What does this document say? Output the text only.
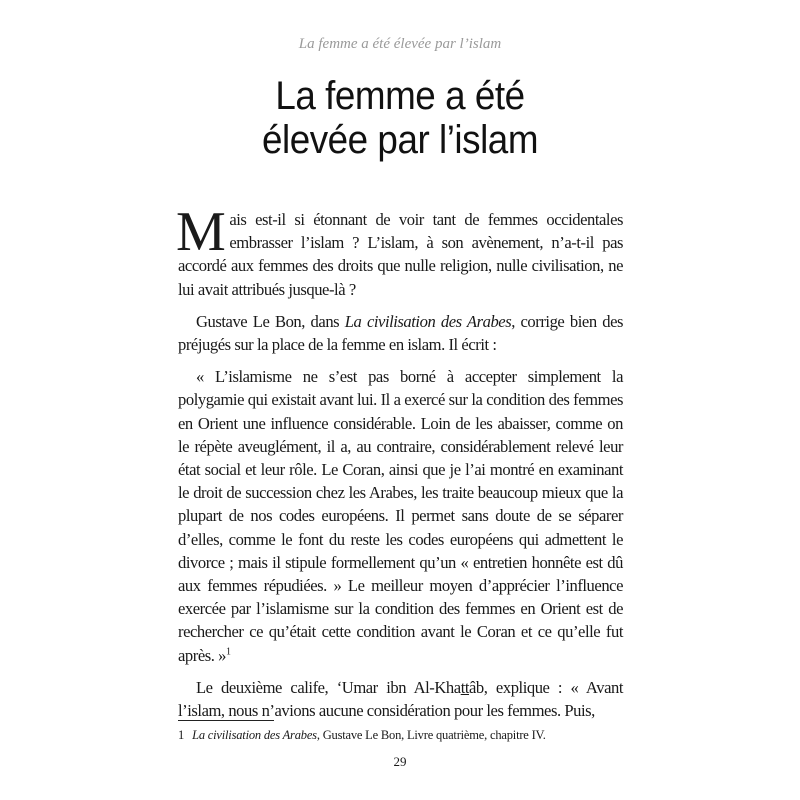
La femme a été élevée par l’islam
La femme a été
élevée par l’islam

Mais est-il si étonnant de voir tant de femmes occidentales embrasser l’islam ? L’islam, à son avènement, n’a-t-il pas accordé aux femmes des droits que nulle religion, nulle civilisation, ne lui avait attribués jusque-là ?

Gustave Le Bon, dans La civilisation des Arabes, corrige bien des préjugés sur la place de la femme en islam. Il écrit :

« L’islamisme ne s’est pas borné à accepter simplement la polygamie qui existait avant lui. Il a exercé sur la condition des femmes en Orient une influence considérable. Loin de les abaisser, comme on le répète aveuglément, il a, au contraire, considérablement relevé leur état social et leur rôle. Le Coran, ainsi que je l’ai montré en examinant le droit de succession chez les Arabes, les traite beaucoup mieux que la plupart de nos codes européens. Il permet sans doute de se séparer d’elles, comme le font du reste les codes européens qui admettent le divorce ; mais il stipule formellement qu’un « entretien honnête est dû aux femmes répudiées. » Le meilleur moyen d’apprécier l’influence exercée par l’islamisme sur la condition des femmes en Orient est de rechercher ce qu’était cette condition avant le Coran et ce qu’elle fut après. »$^1$

Le deuxième calife, ‘Umar ibn Al-Khattâb, explique : « Avant l’islam, nous n’avions aucune considération pour les femmes. Puis,

1 La civilisation des Arabes, Gustave Le Bon, Livre quatrième, chapitre IV.
29
